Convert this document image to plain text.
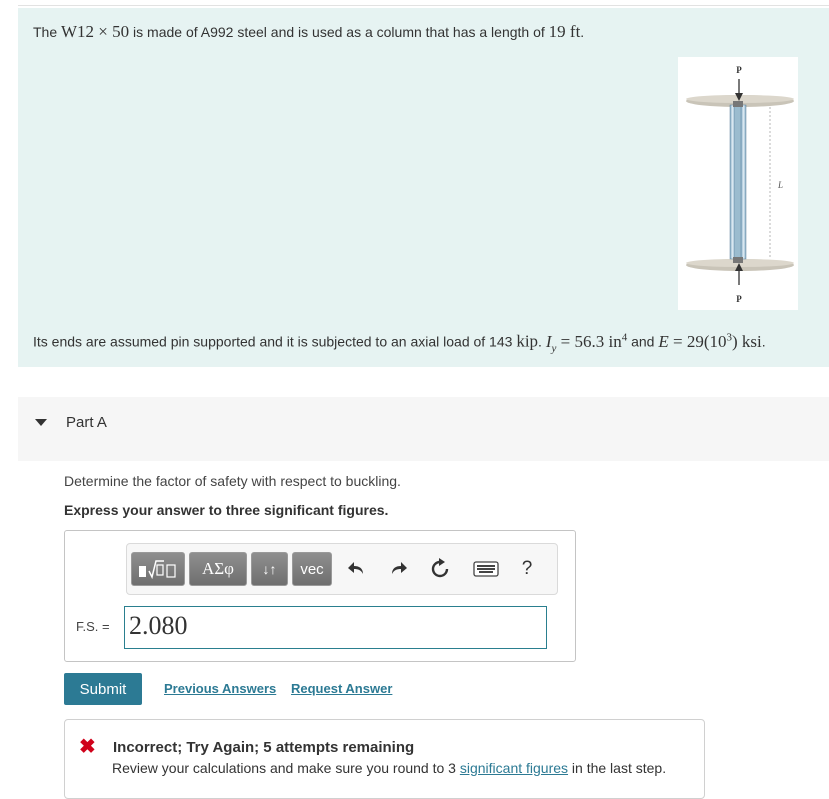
The W12 × 50 is made of A992 steel and is used as a column that has a length of 19 ft.
Its ends are assumed pin supported and it is subjected to an axial load of 143 kip. $I_y = 56.3$ $in^4$ and $E = 29(10^3)$ ksi.
P
P
L
Part A
Determine the factor of safety with respect to buckling.
Express your answer to three significant figures.
ΑΣφ	↓↑	vec	?
F.S. = 2.080
Submit	Previous Answers Request Answer
✖ Incorrect; Try Again; 5 attempts remaining
Review your calculations and make sure you round to 3 significant figures in the last step.
